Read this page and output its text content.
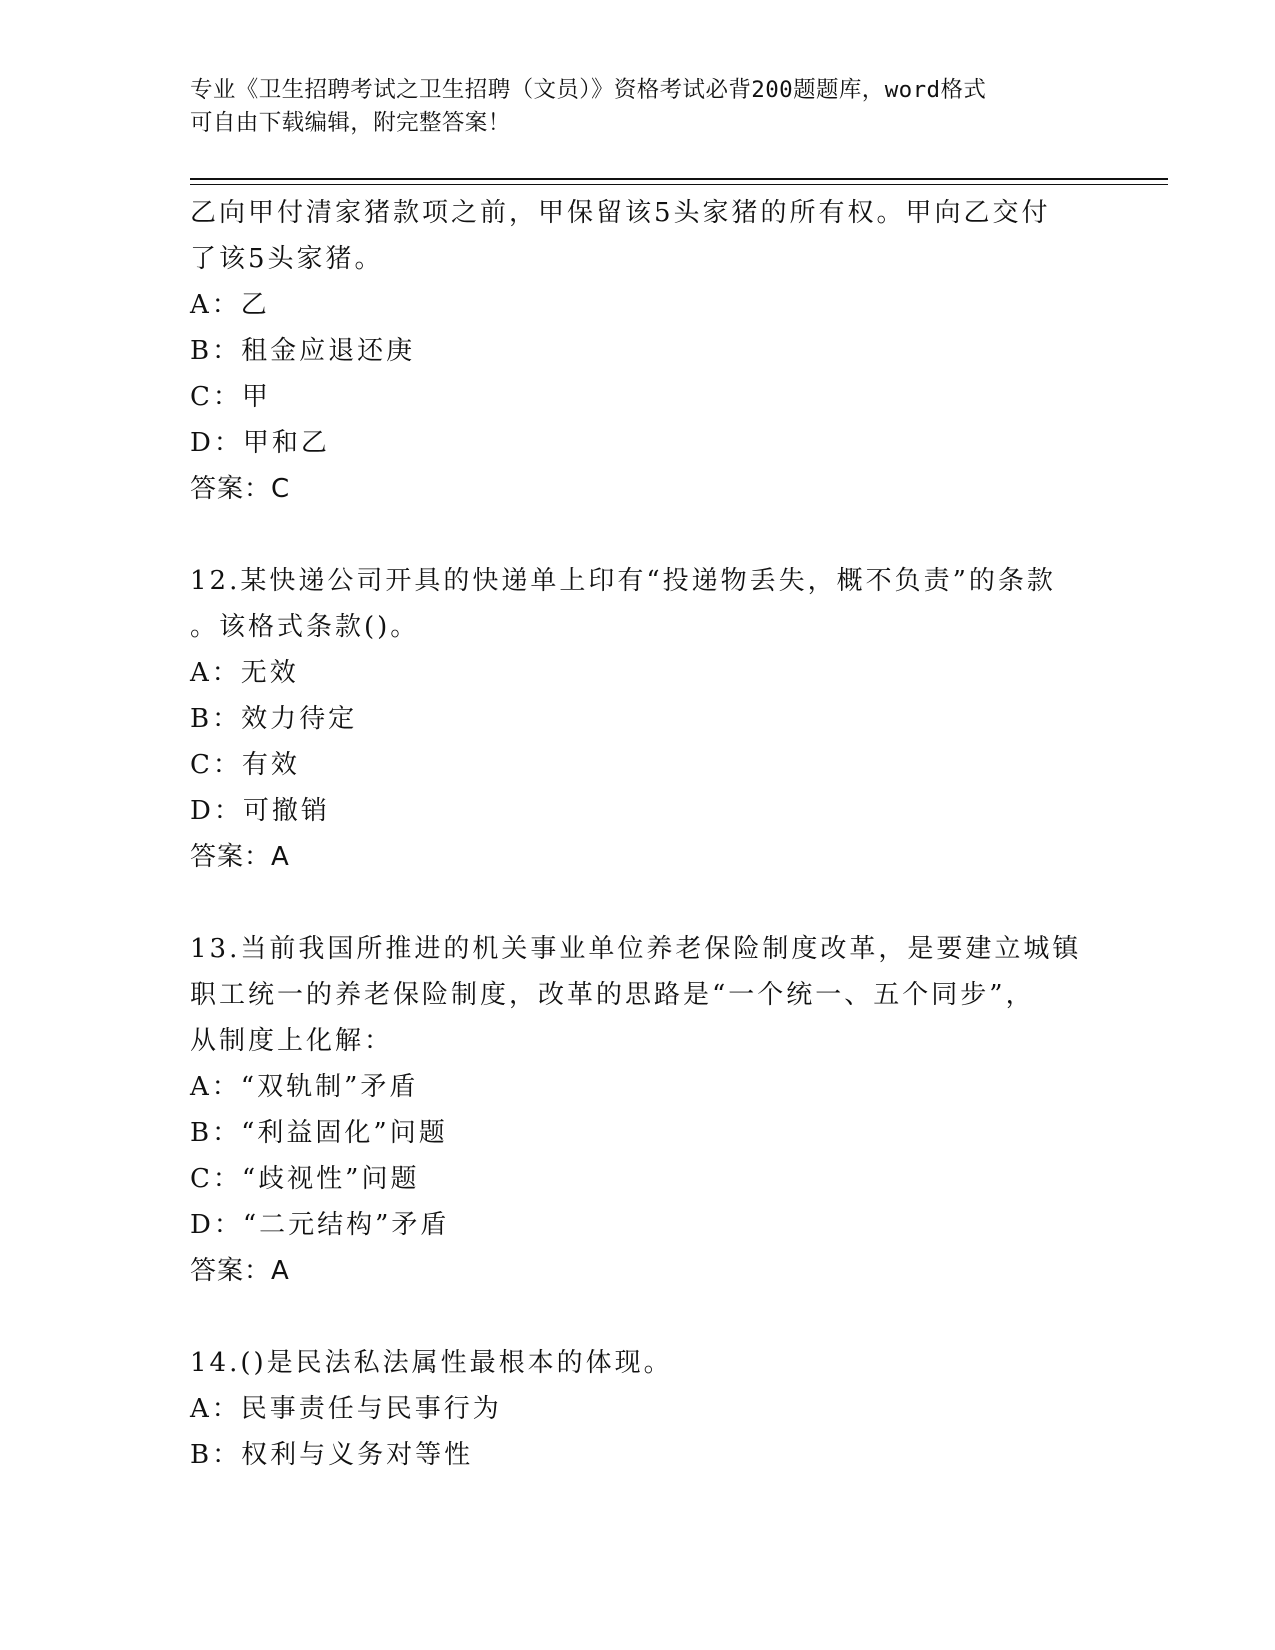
专业《卫生招聘考试之卫生招聘（文员）》资格考试必背200题题库，word格式
可自由下载编辑，附完整答案！
乙向甲付清家猪款项之前，甲保留该5头家猪的所有权。甲向乙交付
了该5头家猪。
A：乙
B：租金应退还庚
C：甲
D：甲和乙
答案：C
12.某快递公司开具的快递单上印有“投递物丢失，概不负责”的条款
。该格式条款()。
A：无效
B：效力待定
C：有效
D：可撤销
答案：A
13.当前我国所推进的机关事业单位养老保险制度改革，是要建立城镇
职工统一的养老保险制度，改革的思路是“一个统一、五个同步”，
从制度上化解：
A：“双轨制”矛盾
B：“利益固化”问题
C：“歧视性”问题
D：“二元结构”矛盾
答案：A
14.()是民法私法属性最根本的体现。
A：民事责任与民事行为
B：权利与义务对等性
